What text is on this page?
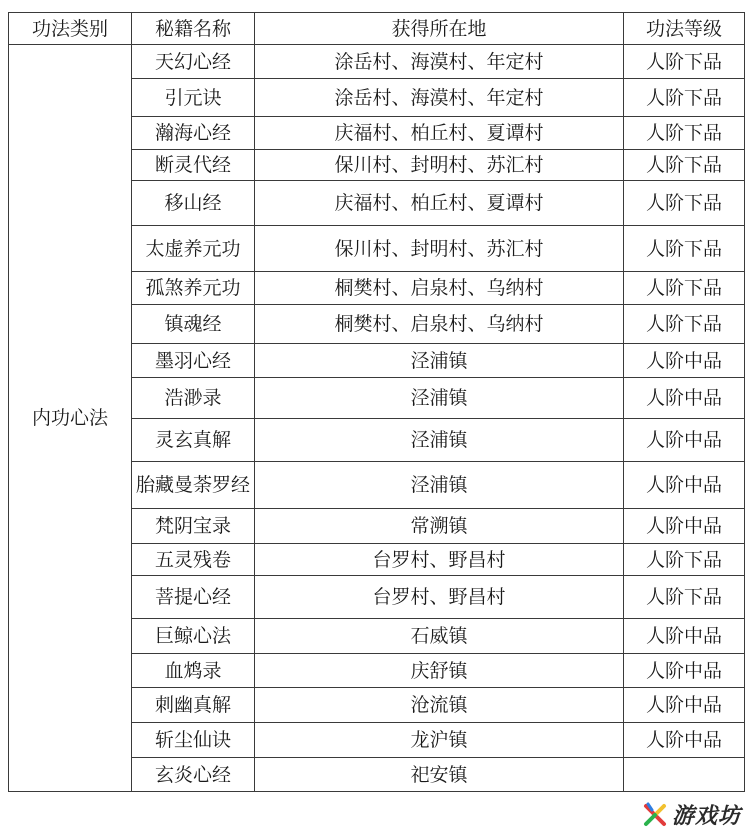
功法类别	秘籍名称	获得所在地	功法等级
内功心法	天幻心经	涂岳村、海漠村、年定村	人阶下品
	引元诀	涂岳村、海漠村、年定村	人阶下品
	瀚海心经	庆福村、柏丘村、夏谭村	人阶下品
	断灵代经	保川村、封明村、苏汇村	人阶下品
	移山经	庆福村、柏丘村、夏谭村	人阶下品
	太虚养元功	保川村、封明村、苏汇村	人阶下品
	孤煞养元功	桐樊村、启泉村、乌纳村	人阶下品
	镇魂经	桐樊村、启泉村、乌纳村	人阶下品
	墨羽心经	泾浦镇	人阶中品
	浩渺录	泾浦镇	人阶中品
	灵玄真解	泾浦镇	人阶中品
	胎藏曼荼罗经	泾浦镇	人阶中品
	梵阴宝录	常溯镇	人阶中品
	五灵残卷	台罗村、野昌村	人阶下品
	菩提心经	台罗村、野昌村	人阶下品
	巨鲸心法	石威镇	人阶中品
	血鸩录	庆舒镇	人阶中品
	刺幽真解	沧流镇	人阶中品
	斩尘仙诀	龙沪镇	人阶中品
	玄炎心经	祀安镇	
游戏坊
